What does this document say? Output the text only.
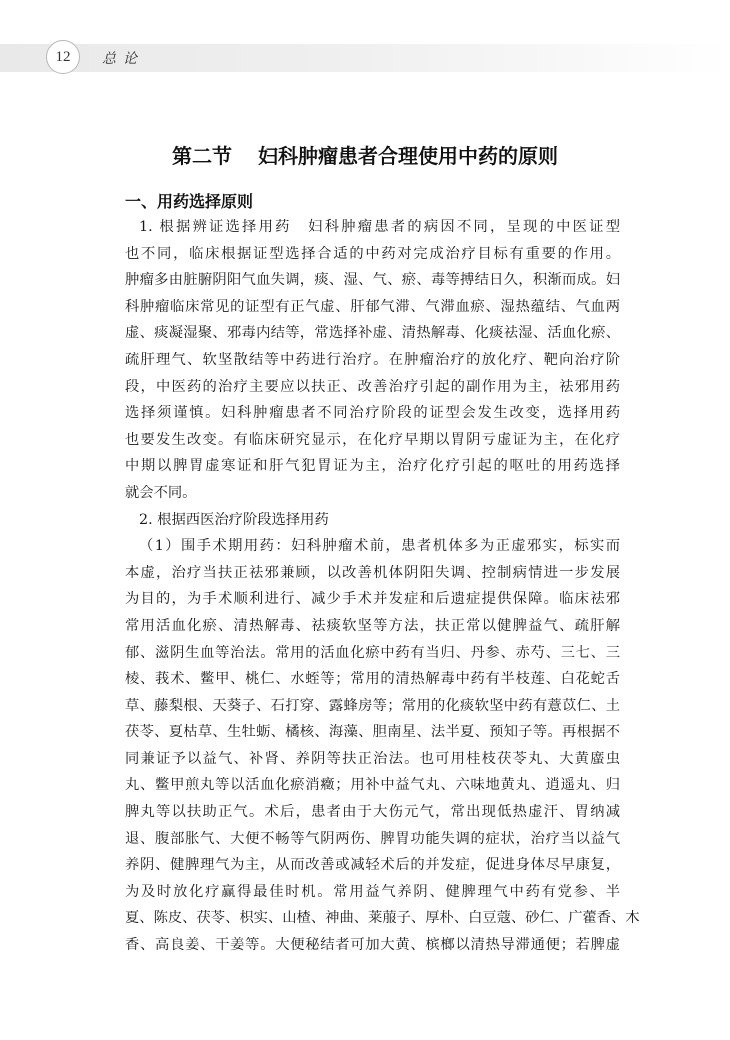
12	总论
第二节 妇科肿瘤患者合理使用中药的原则
一、用药选择原则
1. 根据辨证选择用药　妇科肿瘤患者的病因不同，呈现的中医证型
也不同，临床根据证型选择合适的中药对完成治疗目标有重要的作用。
肿瘤多由脏腑阴阳气血失调，痰、湿、气、瘀、毒等搏结日久，积渐而成。妇
科肿瘤临床常见的证型有正气虚、肝郁气滞、气滞血瘀、湿热蕴结、气血两
虚、痰凝湿聚、邪毒内结等，常选择补虚、清热解毒、化痰祛湿、活血化瘀、
疏肝理气、软坚散结等中药进行治疗。在肿瘤治疗的放化疗、靶向治疗阶
段，中医药的治疗主要应以扶正、改善治疗引起的副作用为主，祛邪用药
选择须谨慎。妇科肿瘤患者不同治疗阶段的证型会发生改变，选择用药
也要发生改变。有临床研究显示，在化疗早期以胃阴亏虚证为主，在化疗
中期以脾胃虚寒证和肝气犯胃证为主，治疗化疗引起的呕吐的用药选择
就会不同。
2. 根据西医治疗阶段选择用药
（1）围手术期用药：妇科肿瘤术前，患者机体多为正虚邪实，标实而
本虚，治疗当扶正祛邪兼顾，以改善机体阴阳失调、控制病情进一步发展
为目的，为手术顺利进行、减少手术并发症和后遗症提供保障。临床祛邪
常用活血化瘀、清热解毒、祛痰软坚等方法，扶正常以健脾益气、疏肝解
郁、滋阴生血等治法。常用的活血化瘀中药有当归、丹参、赤芍、三七、三
棱、莪术、鳖甲、桃仁、水蛭等；常用的清热解毒中药有半枝莲、白花蛇舌
草、藤梨根、天葵子、石打穿、露蜂房等；常用的化痰软坚中药有薏苡仁、土
茯苓、夏枯草、生牡蛎、橘核、海藻、胆南星、法半夏、预知子等。再根据不
同兼证予以益气、补肾、养阴等扶正治法。也可用桂枝茯苓丸、大黄䗪虫
丸、鳖甲煎丸等以活血化瘀消癥；用补中益气丸、六味地黄丸、逍遥丸、归
脾丸等以扶助正气。术后，患者由于大伤元气，常出现低热虚汗、胃纳减
退、腹部胀气、大便不畅等气阴两伤、脾胃功能失调的症状，治疗当以益气
养阴、健脾理气为主，从而改善或减轻术后的并发症，促进身体尽早康复，
为及时放化疗赢得最佳时机。常用益气养阴、健脾理气中药有党参、半
夏、陈皮、茯苓、枳实、山楂、神曲、莱菔子、厚朴、白豆蔻、砂仁、广藿香、木
香、高良姜、干姜等。大便秘结者可加大黄、槟榔以清热导滞通便；若脾虚
